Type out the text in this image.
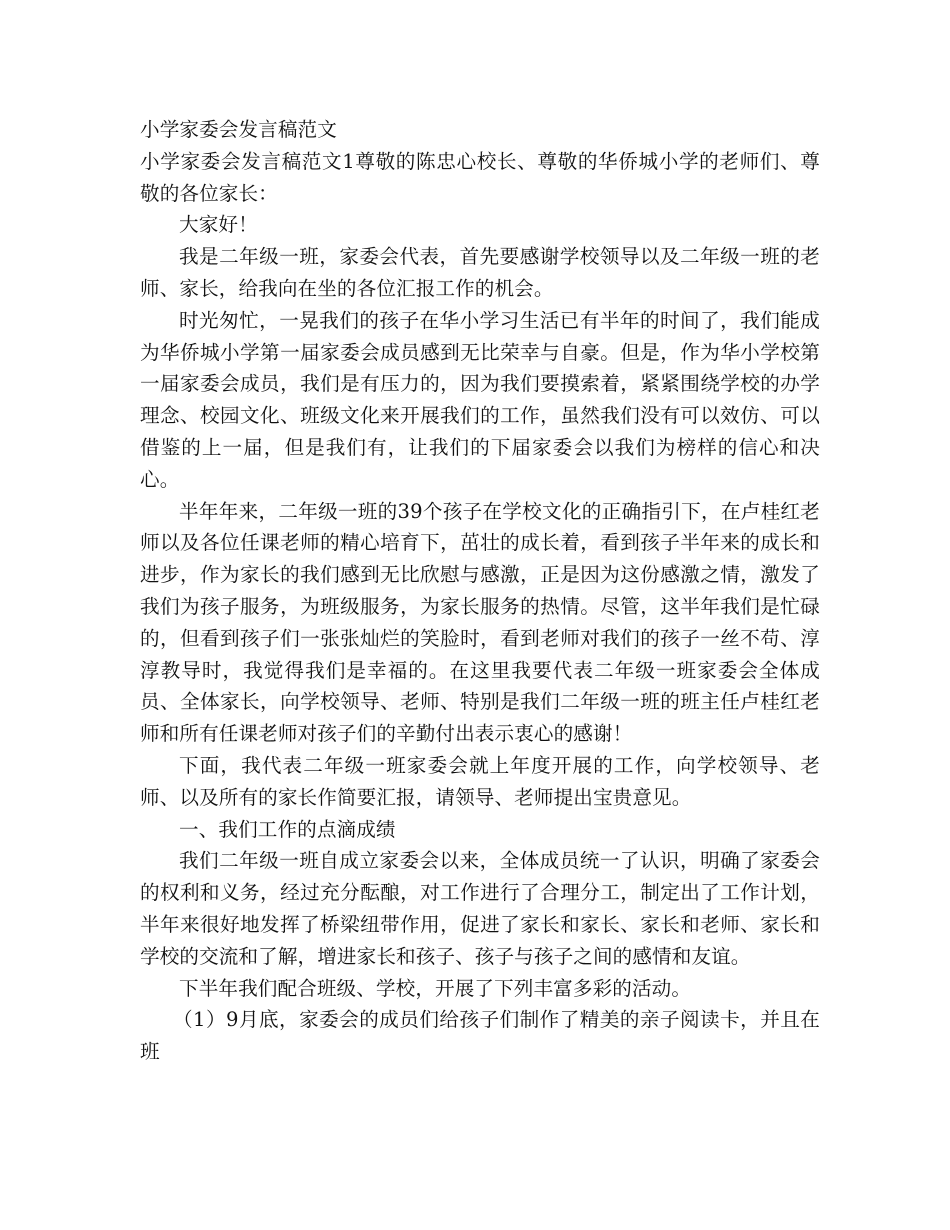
小学家委会发言稿范文

小学家委会发言稿范文1尊敬的陈忠心校长、尊敬的华侨城小学的老师们、尊敬的各位家长：

大家好！

我是二年级一班，家委会代表，首先要感谢学校领导以及二年级一班的老师、家长，给我向在坐的各位汇报工作的机会。

时光匆忙，一晃我们的孩子在华小学习生活已有半年的时间了，我们能成为华侨城小学第一届家委会成员感到无比荣幸与自豪。但是，作为华小学校第一届家委会成员，我们是有压力的，因为我们要摸索着，紧紧围绕学校的办学理念、校园文化、班级文化来开展我们的工作，虽然我们没有可以效仿、可以借鉴的上一届，但是我们有，让我们的下届家委会以我们为榜样的信心和决心。

半年年来，二年级一班的39个孩子在学校文化的正确指引下，在卢桂红老师以及各位任课老师的精心培育下，茁壮的成长着，看到孩子半年来的成长和进步，作为家长的我们感到无比欣慰与感激，正是因为这份感激之情，激发了我们为孩子服务，为班级服务，为家长服务的热情。尽管，这半年我们是忙碌的，但看到孩子们一张张灿烂的笑脸时，看到老师对我们的孩子一丝不苟、淳淳教导时，我觉得我们是幸福的。在这里我要代表二年级一班家委会全体成员、全体家长，向学校领导、老师、特别是我们二年级一班的班主任卢桂红老师和所有任课老师对孩子们的辛勤付出表示衷心的感谢！

下面，我代表二年级一班家委会就上年度开展的工作，向学校领导、老师、以及所有的家长作简要汇报，请领导、老师提出宝贵意见。

一、我们工作的点滴成绩

我们二年级一班自成立家委会以来，全体成员统一了认识，明确了家委会的权利和义务，经过充分酝酿，对工作进行了合理分工，制定出了工作计划，半年来很好地发挥了桥梁纽带作用，促进了家长和家长、家长和老师、家长和学校的交流和了解，增进家长和孩子、孩子与孩子之间的感情和友谊。

下半年我们配合班级、学校，开展了下列丰富多彩的活动。

（1）9月底，家委会的成员们给孩子们制作了精美的亲子阅读卡，并且在班
